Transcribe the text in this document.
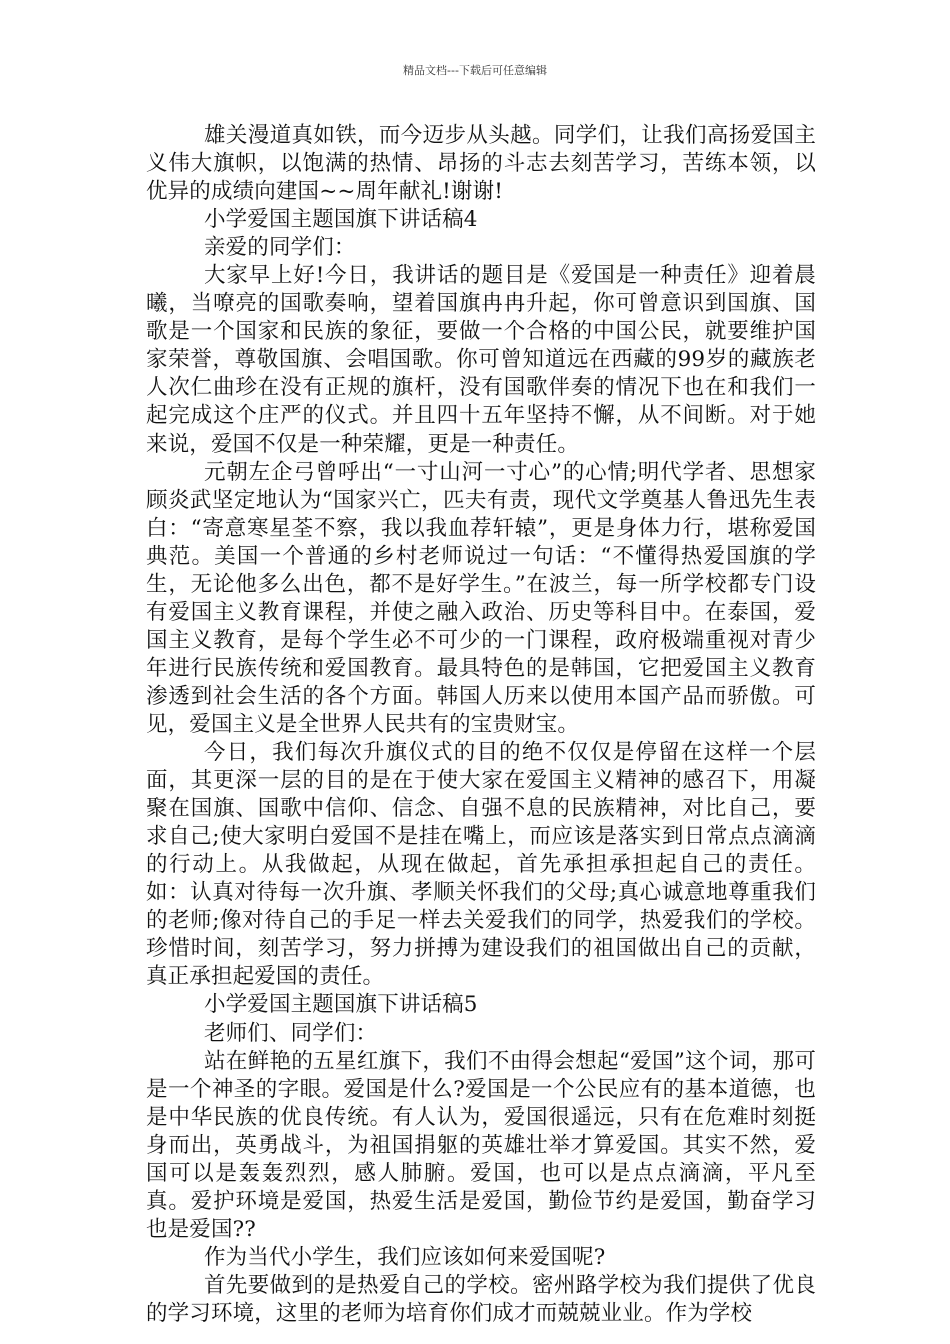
精品文档---下载后可任意编辑

雄关漫道真如铁，而今迈步从头越。同学们，让我们高扬爱国主义伟大旗帜，以饱满的热情、昂扬的斗志去刻苦学习，苦练本领，以优异的成绩向建国~~周年献礼!谢谢!

小学爱国主题国旗下讲话稿4

亲爱的同学们：

大家早上好!今日，我讲话的题目是《爱国是一种责任》迎着晨曦，当嘹亮的国歌奏响，望着国旗冉冉升起，你可曾意识到国旗、国歌是一个国家和民族的象征，要做一个合格的中国公民，就要维护国家荣誉，尊敬国旗、会唱国歌。你可曾知道远在西藏的99岁的藏族老人次仁曲珍在没有正规的旗杆，没有国歌伴奏的情况下也在和我们一起完成这个庄严的仪式。并且四十五年坚持不懈，从不间断。对于她来说，爱国不仅是一种荣耀，更是一种责任。

元朝左企弓曾呼出“一寸山河一寸心”的心情;明代学者、思想家顾炎武坚定地认为“国家兴亡，匹夫有责，现代文学奠基人鲁迅先生表白：“寄意寒星荃不察，我以我血荐轩辕”，更是身体力行，堪称爱国典范。美国一个普通的乡村老师说过一句话：“不懂得热爱国旗的学生，无论他多么出色，都不是好学生。”在波兰，每一所学校都专门设有爱国主义教育课程，并使之融入政治、历史等科目中。在泰国，爱国主义教育，是每个学生必不可少的一门课程，政府极端重视对青少年进行民族传统和爱国教育。最具特色的是韩国，它把爱国主义教育渗透到社会生活的各个方面。韩国人历来以使用本国产品而骄傲。可见，爱国主义是全世界人民共有的宝贵财宝。

今日，我们每次升旗仪式的目的绝不仅仅是停留在这样一个层面，其更深一层的目的是在于使大家在爱国主义精神的感召下，用凝聚在国旗、国歌中信仰、信念、自强不息的民族精神，对比自己，要求自己;使大家明白爱国不是挂在嘴上，而应该是落实到日常点点滴滴的行动上。从我做起，从现在做起，首先承担承担起自己的责任。如：认真对待每一次升旗、孝顺关怀我们的父母;真心诚意地尊重我们的老师;像对待自己的手足一样去关爱我们的同学，热爱我们的学校。珍惜时间，刻苦学习，努力拼搏为建设我们的祖国做出自己的贡献，真正承担起爱国的责任。

小学爱国主题国旗下讲话稿5

老师们、同学们：

站在鲜艳的五星红旗下，我们不由得会想起“爱国”这个词，那可是一个神圣的字眼。爱国是什么?爱国是一个公民应有的基本道德，也是中华民族的优良传统。有人认为，爱国很遥远，只有在危难时刻挺身而出，英勇战斗，为祖国捐躯的英雄壮举才算爱国。其实不然，爱国可以是轰轰烈烈，感人肺腑。爱国，也可以是点点滴滴，平凡至真。爱护环境是爱国，热爱生活是爱国，勤俭节约是爱国，勤奋学习也是爱国??

作为当代小学生，我们应该如何来爱国呢?

首先要做到的是热爱自己的学校。密州路学校为我们提供了优良的学习环境，这里的老师为培育你们成才而兢兢业业。作为学校
